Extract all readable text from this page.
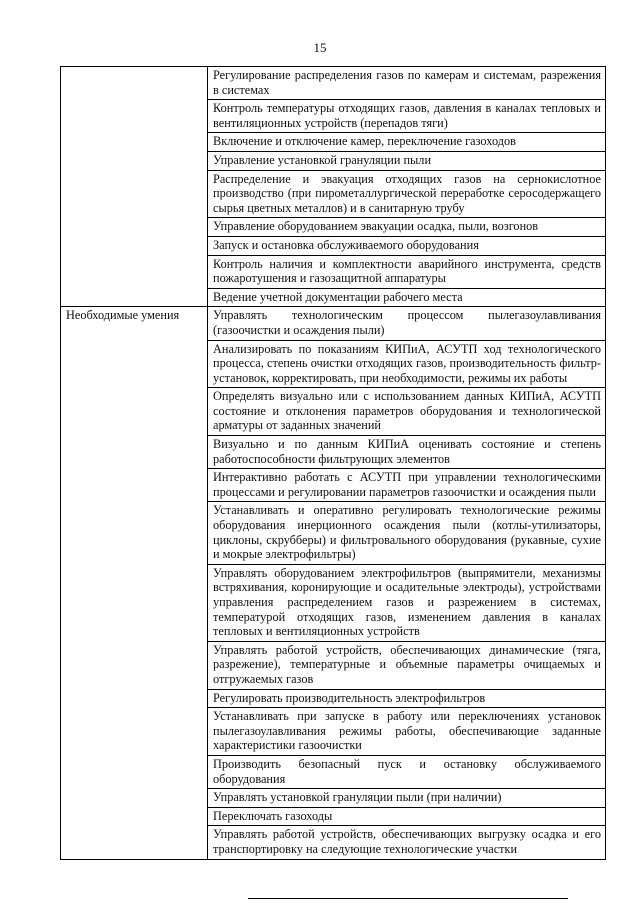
15
	Регулирование распределения газов по камерам и системам, разрежения в системах
	Контроль температуры отходящих газов, давления в каналах тепловых и вентиляционных устройств (перепадов тяги)
	Включение и отключение камер, переключение газоходов
	Управление установкой грануляции пыли
	Распределение и эвакуация отходящих газов на сернокислотное производство (при пирометаллургической переработке серосодержащего сырья цветных металлов) и в санитарную трубу
	Управление оборудованием эвакуации осадка, пыли, возгонов
	Запуск и остановка обслуживаемого оборудования
	Контроль наличия и комплектности аварийного инструмента, средств пожаротушения и газозащитной аппаратуры
	Ведение учетной документации рабочего места
Необходимые умения	Управлять технологическим процессом пылегазоулавливания (газоочистки и осаждения пыли)
	Анализировать по показаниям КИПиА, АСУТП ход технологического процесса, степень очистки отходящих газов, производительность фильтр-установок, корректировать, при необходимости, режимы их работы
	Определять визуально или с использованием данных КИПиА, АСУТП состояние и отклонения параметров оборудования и технологической арматуры от заданных значений
	Визуально и по данным КИПиА оценивать состояние и степень работоспособности фильтрующих элементов
	Интерактивно работать с АСУТП при управлении технологическими процессами и регулировании параметров газоочистки и осаждения пыли
	Устанавливать и оперативно регулировать технологические режимы оборудования инерционного осаждения пыли (котлы-утилизаторы, циклоны, скрубберы) и фильтровального оборудования (рукавные, сухие и мокрые электрофильтры)
	Управлять оборудованием электрофильтров (выпрямители, механизмы встряхивания, коронирующие и осадительные электроды), устройствами управления распределением газов и разрежением в системах, температурой отходящих газов, изменением давления в каналах тепловых и вентиляционных устройств
	Управлять работой устройств, обеспечивающих динамические (тяга, разрежение), температурные и объемные параметры очищаемых и отгружаемых газов
	Регулировать производительность электрофильтров
	Устанавливать при запуске в работу или переключениях установок пылегазоулавливания режимы работы, обеспечивающие заданные характеристики газоочистки
	Производить безопасный пуск и остановку обслуживаемого оборудования
	Управлять установкой грануляции пыли (при наличии)
	Переключать газоходы
	Управлять работой устройств, обеспечивающих выгрузку осадка и его транспортировку на следующие технологические участки
